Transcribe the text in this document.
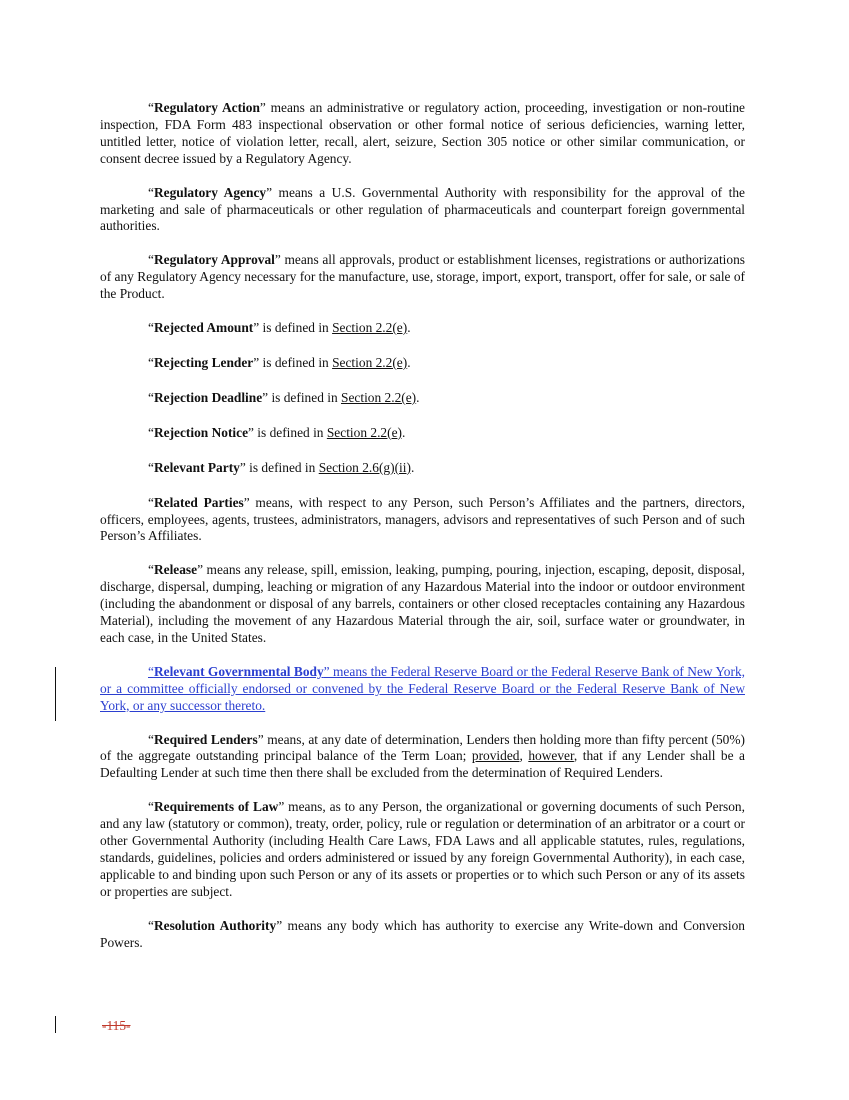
“Regulatory Action” means an administrative or regulatory action, proceeding, investigation or non-routine inspection, FDA Form 483 inspectional observation or other formal notice of serious deficiencies, warning letter, untitled letter, notice of violation letter, recall, alert, seizure, Section 305 notice or other similar communication, or consent decree issued by a Regulatory Agency.

“Regulatory Agency” means a U.S. Governmental Authority with responsibility for the approval of the marketing and sale of pharmaceuticals or other regulation of pharmaceuticals and counterpart foreign governmental authorities.

“Regulatory Approval” means all approvals, product or establishment licenses, registrations or authorizations of any Regulatory Agency necessary for the manufacture, use, storage, import, export, transport, offer for sale, or sale of the Product.

“Rejected Amount” is defined in Section 2.2(e).

“Rejecting Lender” is defined in Section 2.2(e).

“Rejection Deadline” is defined in Section 2.2(e).

“Rejection Notice” is defined in Section 2.2(e).

“Relevant Party” is defined in Section 2.6(g)(ii).

“Related Parties” means, with respect to any Person, such Person’s Affiliates and the partners, directors, officers, employees, agents, trustees, administrators, managers, advisors and representatives of such Person and of such Person’s Affiliates.

“Release” means any release, spill, emission, leaking, pumping, pouring, injection, escaping, deposit, disposal, discharge, dispersal, dumping, leaching or migration of any Hazardous Material into the indoor or outdoor environment (including the abandonment or disposal of any barrels, containers or other closed receptacles containing any Hazardous Material), including the movement of any Hazardous Material through the air, soil, surface water or groundwater, in each case, in the United States.

“Relevant Governmental Body” means the Federal Reserve Board or the Federal Reserve Bank of New York, or a committee officially endorsed or convened by the Federal Reserve Board or the Federal Reserve Bank of New York, or any successor thereto.

“Required Lenders” means, at any date of determination, Lenders then holding more than fifty percent (50%) of the aggregate outstanding principal balance of the Term Loan; provided, however, that if any Lender shall be a Defaulting Lender at such time then there shall be excluded from the determination of Required Lenders.

“Requirements of Law” means, as to any Person, the organizational or governing documents of such Person, and any law (statutory or common), treaty, order, policy, rule or regulation or determination of an arbitrator or a court or other Governmental Authority (including Health Care Laws, FDA Laws and all applicable statutes, rules, regulations, standards, guidelines, policies and orders administered or issued by any foreign Governmental Authority), in each case, applicable to and binding upon such Person or any of its assets or properties or to which such Person or any of its assets or properties are subject.

“Resolution Authority” means any body which has authority to exercise any Write-down and Conversion Powers.

-115-
